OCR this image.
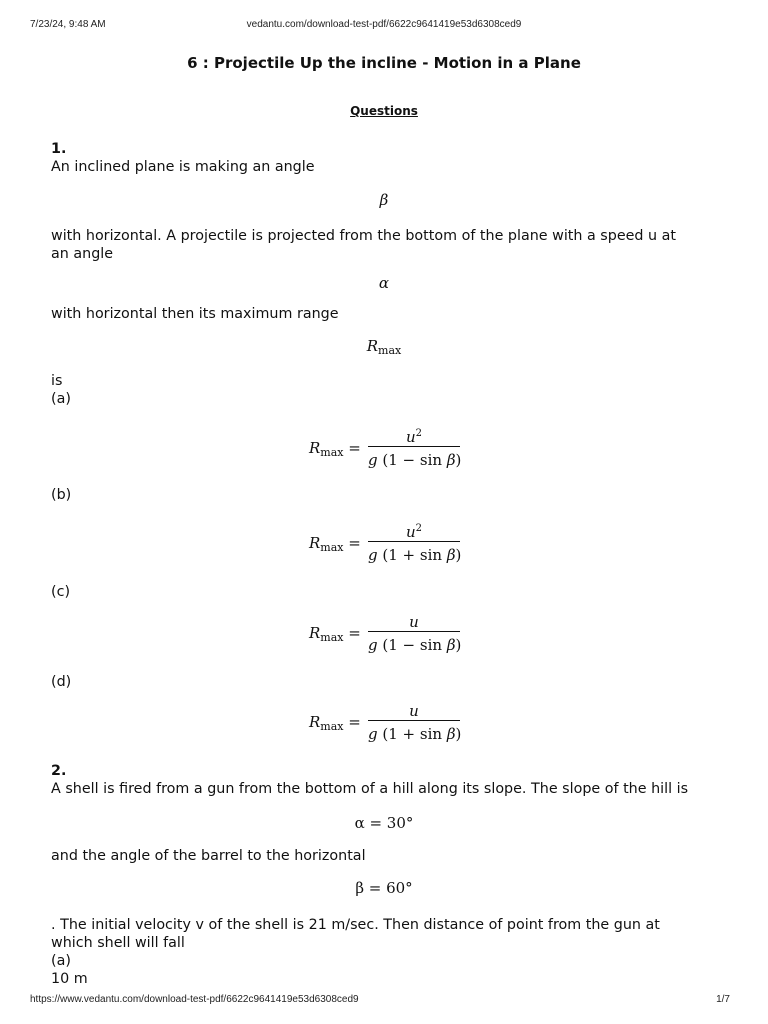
7/23/24, 9:48 AM	vedantu.com/download-test-pdf/6622c9641419e53d6308ced9
6 : Projectile Up the incline - Motion in a Plane
Questions
1.
An inclined plane is making an angle
β
with horizontal. A projectile is projected from the bottom of the plane with a speed u at
an angle
α
with horizontal then its maximum range
$R_{max}$
is
(a)
$R_{max}$ =
$u^2$
g (1 − sin β)
(b)
$R_{max}$ =
$u^2$
g (1 + sin β)
(c)
$R_{max}$ =
u
g (1 − sin β)
(d)
$R_{max}$ =
u
g (1 + sin β)
2.
A shell is fired from a gun from the bottom of a hill along its slope. The slope of the hill is
α = 30°
and the angle of the barrel to the horizontal
β = 60°
. The initial velocity v of the shell is 21 m/sec. Then distance of point from the gun at
which shell will fall
(a)
10 m
https://www.vedantu.com/download-test-pdf/6622c9641419e53d6308ced9	1/7
